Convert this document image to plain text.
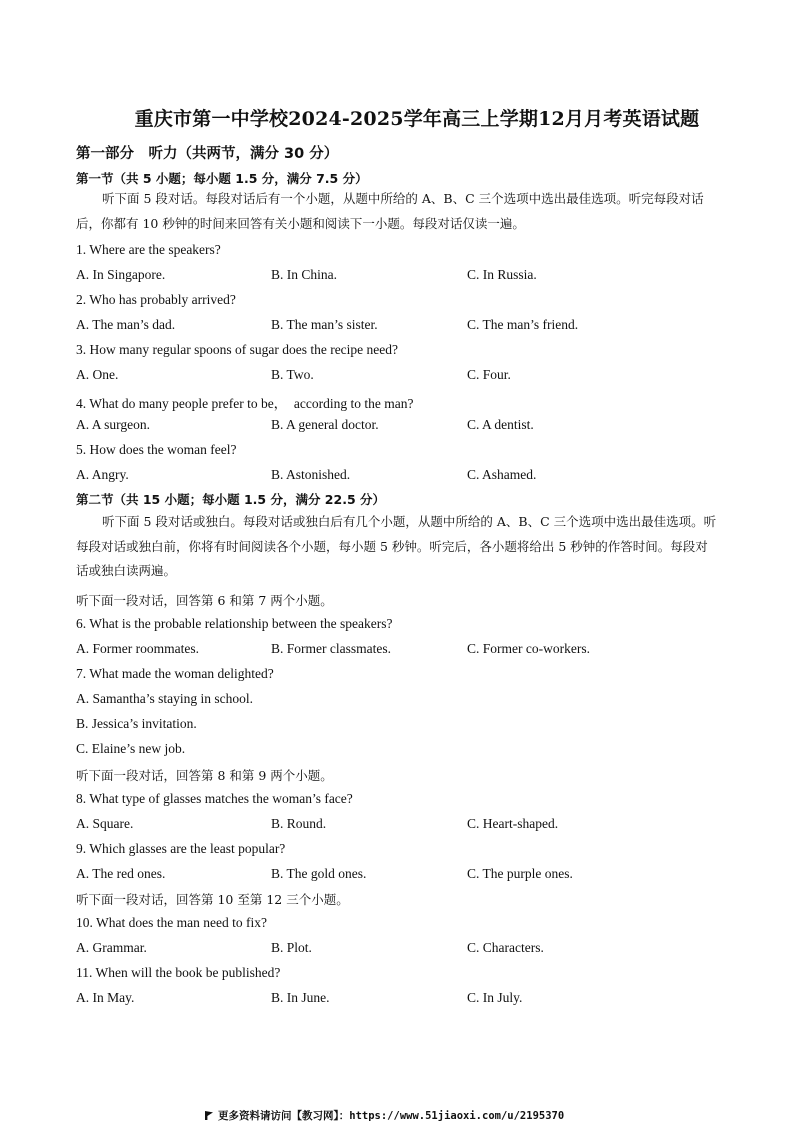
重庆市第一中学校2024-2025学年高三上学期12月月考英语试题
第一部分　听力（共两节，满分 30 分）
第一节（共 5 小题；每小题 1.5 分，满分 7.5 分）
听下面 5 段对话。每段对话后有一个小题，从题中所给的 A、B、C 三个选项中选出最佳选项。听完每段对话后，你都有 10 秒钟的时间来回答有关小题和阅读下一小题。每段对话仅读一遍。
1. Where are the speakers?
A. In Singapore.	B. In China.	C. In Russia.
2. Who has probably arrived?
A. The man’s dad.	B. The man’s sister.	C. The man’s friend.
3. How many regular spoons of sugar does the recipe need?
A. One.	B. Two.	C. Four.
4. What do many people prefer to be，　according to the man?
A. A surgeon.	B. A general doctor.	C. A dentist.
5. How does the woman feel?
A. Angry.	B. Astonished.	C. Ashamed.
第二节（共 15 小题；每小题 1.5 分，满分 22.5 分）
听下面 5 段对话或独白。每段对话或独白后有几个小题，从题中所给的 A、B、C 三个选项中选出最佳选项。听每段对话或独白前，你将有时间阅读各个小题，每小题 5 秒钟。听完后，各小题将给出 5 秒钟的作答时间。每段对话或独白读两遍。
听下面一段对话，回答第 6 和第 7 两个小题。
6. What is the probable relationship between the speakers?
A. Former roommates.	B. Former classmates.	C. Former co-workers.
7. What made the woman delighted?
A. Samantha’s staying in school.
B. Jessica’s invitation.
C. Elaine’s new job.
听下面一段对话，回答第 8 和第 9 两个小题。
8. What type of glasses matches the woman’s face?
A. Square.	B. Round.	C. Heart-shaped.
9. Which glasses are the least popular?
A. The red ones.	B. The gold ones.	C. The purple ones.
听下面一段对话，回答第 10 至第 12 三个小题。
10. What does the man need to fix?
A. Grammar.	B. Plot.	C. Characters.
11. When will the book be published?
A. In May.	B. In June.	C. In July.
更多资料请访问【教习网】：https://www.51jiaoxi.com/u/2195370
